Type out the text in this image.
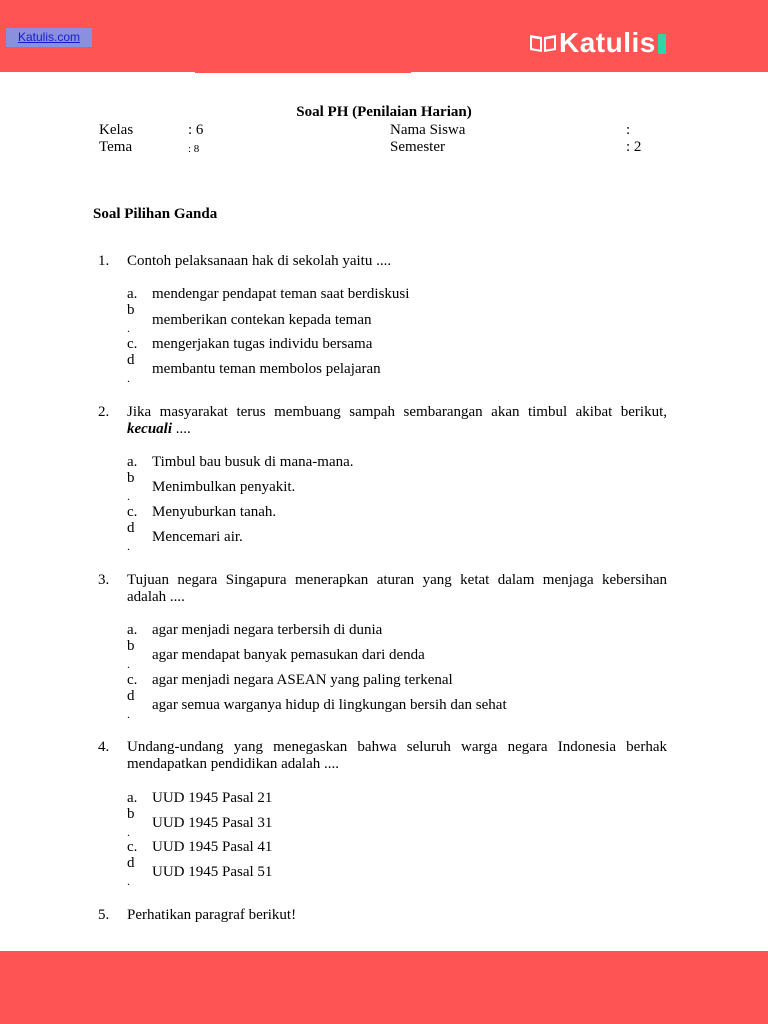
Katulis.com	Katulis
Soal PH (Penilaian Harian)
Kelas	: 6	Nama Siswa	:
Tema	: 8	Semester	: 2
Soal Pilihan Ganda
1. Contoh pelaksanaan hak di sekolah yaitu ....
a. mendengar pendapat teman saat berdiskusi
b
. memberikan contekan kepada teman
c. mengerjakan tugas individu bersama
d
.
membantu teman membolos pelajaran
2. Jika masyarakat terus membuang sampah sembarangan akan timbul akibat berikut, kecuali ....
a. Timbul bau busuk di mana-mana.
b
.
Menimbulkan penyakit.
c. Menyuburkan tanah.
d
.
Mencemari air.
3. Tujuan negara Singapura menerapkan aturan yang ketat dalam menjaga kebersihan adalah ....
a. agar menjadi negara terbersih di dunia
b
.
agar mendapat banyak pemasukan dari denda
c. agar menjadi negara ASEAN yang paling terkenal
d
.
agar semua warganya hidup di lingkungan bersih dan sehat
4. Undang-undang yang menegaskan bahwa seluruh warga negara Indonesia berhak mendapatkan pendidikan adalah ....
a. UUD 1945 Pasal 21
b
.
UUD 1945 Pasal 31
c. UUD 1945 Pasal 41
d
.
UUD 1945 Pasal 51
5. Perhatikan paragraf berikut!
